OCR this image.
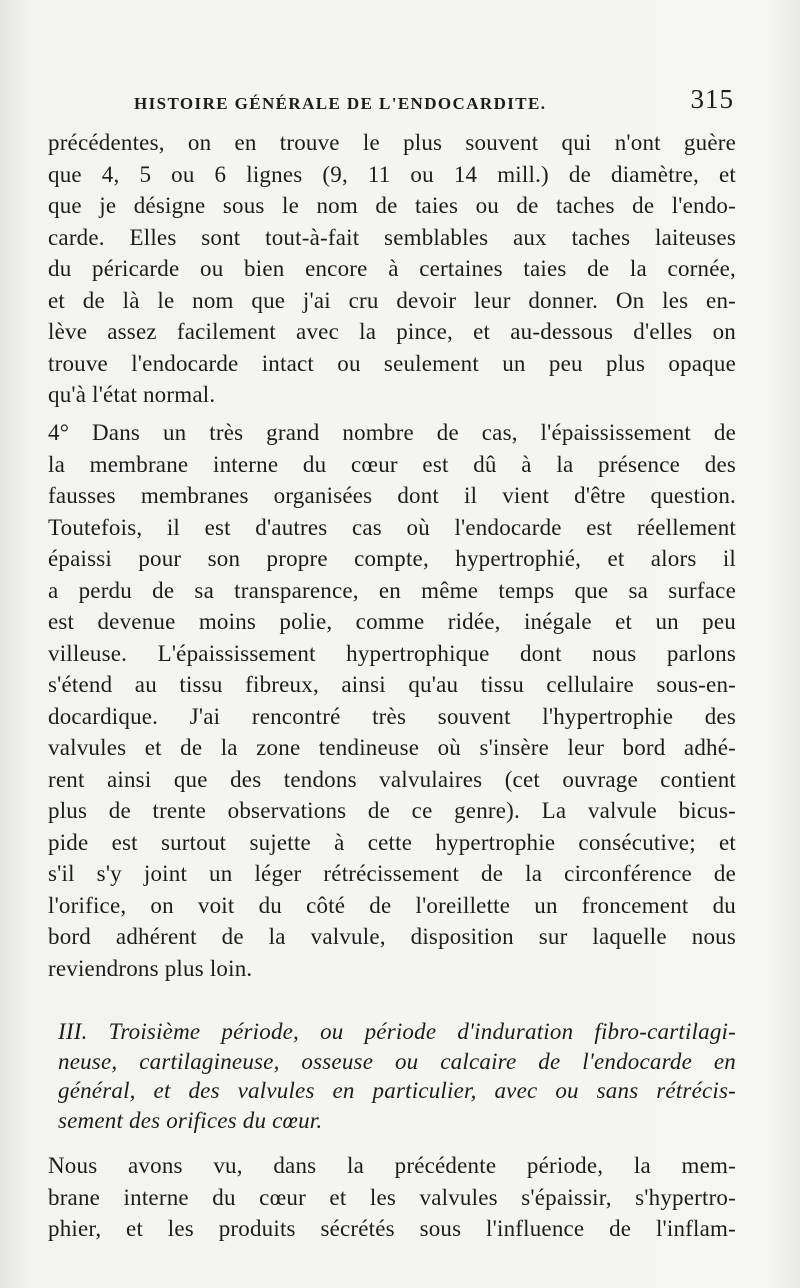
HISTOIRE GÉNÉRALE DE L'ENDOCARDITE.	315
précédentes, on en trouve le plus souvent qui n'ont guère
que 4, 5 ou 6 lignes (9, 11 ou 14 mill.) de diamètre, et
que je désigne sous le nom de taies ou de taches de l'endo-
carde. Elles sont tout-à-fait semblables aux taches laiteuses
du péricarde ou bien encore à certaines taies de la cornée,
et de là le nom que j'ai cru devoir leur donner. On les en-
lève assez facilement avec la pince, et au-dessous d'elles on
trouve l'endocarde intact ou seulement un peu plus opaque
qu'à l'état normal.
4° Dans un très grand nombre de cas, l'épaississement de
la membrane interne du cœur est dû à la présence des
fausses membranes organisées dont il vient d'être question.
Toutefois, il est d'autres cas où l'endocarde est réellement
épaissi pour son propre compte, hypertrophié, et alors il
a perdu de sa transparence, en même temps que sa surface
est devenue moins polie, comme ridée, inégale et un peu
villeuse. L'épaississement hypertrophique dont nous parlons
s'étend au tissu fibreux, ainsi qu'au tissu cellulaire sous-en-
docardique. J'ai rencontré très souvent l'hypertrophie des
valvules et de la zone tendineuse où s'insère leur bord adhé-
rent ainsi que des tendons valvulaires (cet ouvrage contient
plus de trente observations de ce genre). La valvule bicus-
pide est surtout sujette à cette hypertrophie consécutive; et
s'il s'y joint un léger rétrécissement de la circonférence de
l'orifice, on voit du côté de l'oreillette un froncement du
bord adhérent de la valvule, disposition sur laquelle nous
reviendrons plus loin.
III. Troisième période, ou période d'induration fibro-cartilagi-
neuse, cartilagineuse, osseuse ou calcaire de l'endocarde en
général, et des valvules en particulier, avec ou sans rétrécis-
sement des orifices du cœur.
Nous avons vu, dans la précédente période, la mem-
brane interne du cœur et les valvules s'épaissir, s'hypertro-
phier, et les produits sécrétés sous l'influence de l'inflam-
